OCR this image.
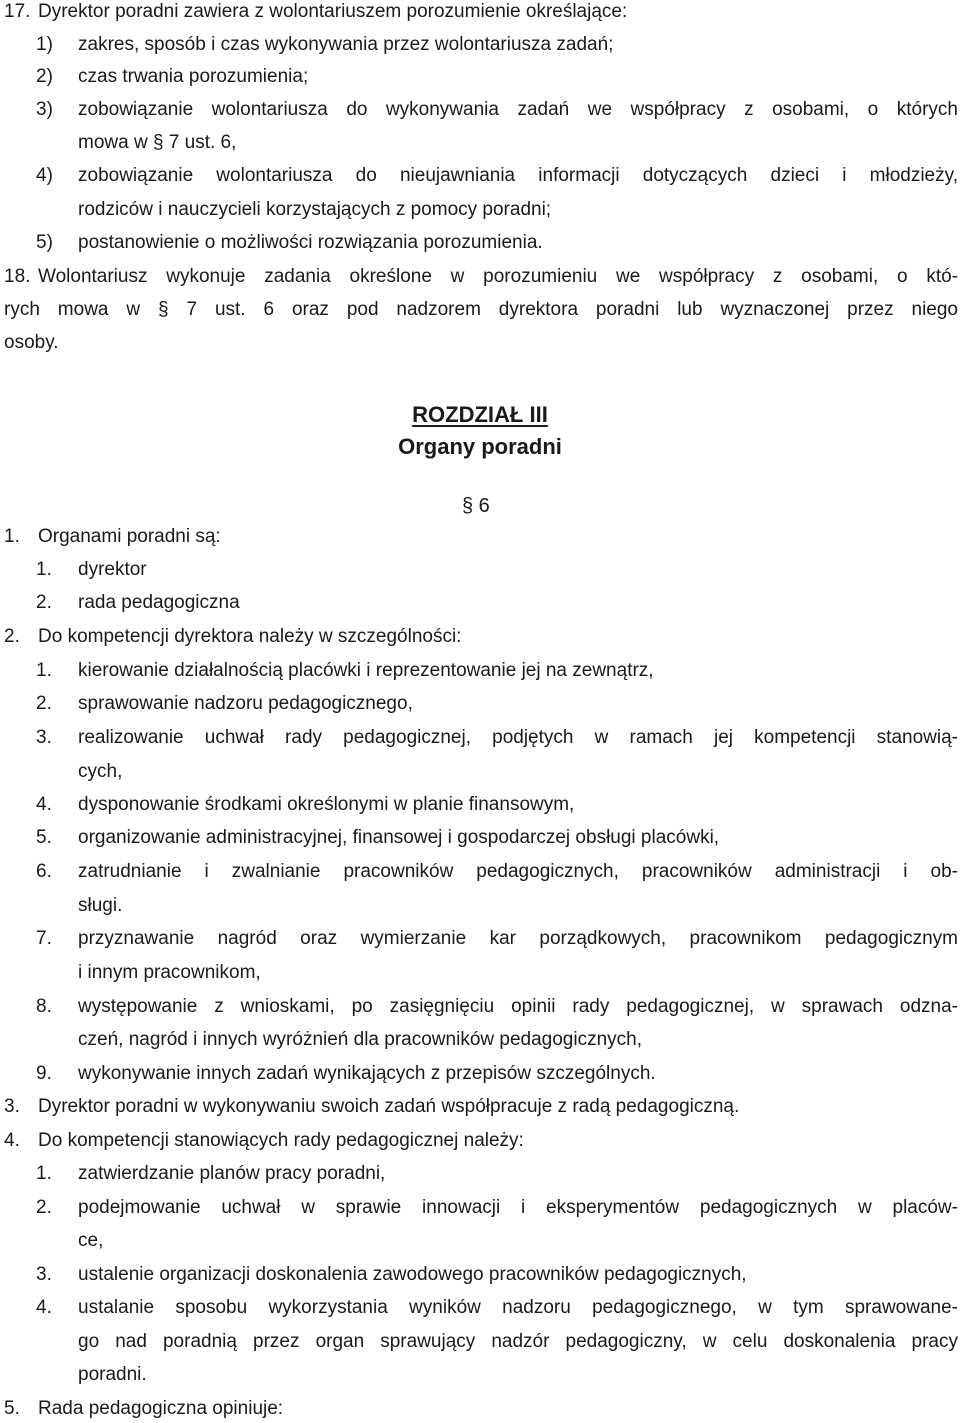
17. Dyrektor poradni zawiera z wolontariuszem porozumienie określające:
1) zakres, sposób i czas wykonywania przez wolontariusza zadań;
2) czas trwania porozumienia;
3) zobowiązanie wolontariusza do wykonywania zadań we współpracy z osobami, o których
mowa w § 7 ust. 6,
4) zobowiązanie wolontariusza do nieujawniania informacji dotyczących dzieci i młodzieży,
rodziców i nauczycieli korzystających z pomocy poradni;
5) postanowienie o możliwości rozwiązania porozumienia.
18. Wolontariusz wykonuje zadania określone w porozumieniu we współpracy z osobami, o któ-
rych mowa w § 7 ust. 6 oraz pod nadzorem dyrektora poradni lub wyznaczonej przez niego
osoby.
ROZDZIAŁ III
Organy poradni
§ 6
1. Organami poradni są:
1. dyrektor
2. rada pedagogiczna
2. Do kompetencji dyrektora należy w szczególności:
1. kierowanie działalnością placówki i reprezentowanie jej na zewnątrz,
2. sprawowanie nadzoru pedagogicznego,
3. realizowanie uchwał rady pedagogicznej, podjętych w ramach jej kompetencji stanowią-
cych,
4. dysponowanie środkami określonymi w planie finansowym,
5. organizowanie administracyjnej, finansowej i gospodarczej obsługi placówki,
6. zatrudnianie i zwalnianie pracowników pedagogicznych, pracowników administracji i ob-
sługi.
7. przyznawanie nagród oraz wymierzanie kar porządkowych, pracownikom pedagogicznym
i innym pracownikom,
8. występowanie z wnioskami, po zasięgnięciu opinii rady pedagogicznej, w sprawach odzna-
czeń, nagród i innych wyróżnień dla pracowników pedagogicznych,
9. wykonywanie innych zadań wynikających z przepisów szczególnych.
3. Dyrektor poradni w wykonywaniu swoich zadań współpracuje z radą pedagogiczną.
4. Do kompetencji stanowiących rady pedagogicznej należy:
1. zatwierdzanie planów pracy poradni,
2. podejmowanie uchwał w sprawie innowacji i eksperymentów pedagogicznych w placów-
ce,
3. ustalenie organizacji doskonalenia zawodowego pracowników pedagogicznych,
4. ustalanie sposobu wykorzystania wyników nadzoru pedagogicznego, w tym sprawowane-
go nad poradnią przez organ sprawujący nadzór pedagogiczny, w celu doskonalenia pracy
poradni.
5. Rada pedagogiczna opiniuje:
